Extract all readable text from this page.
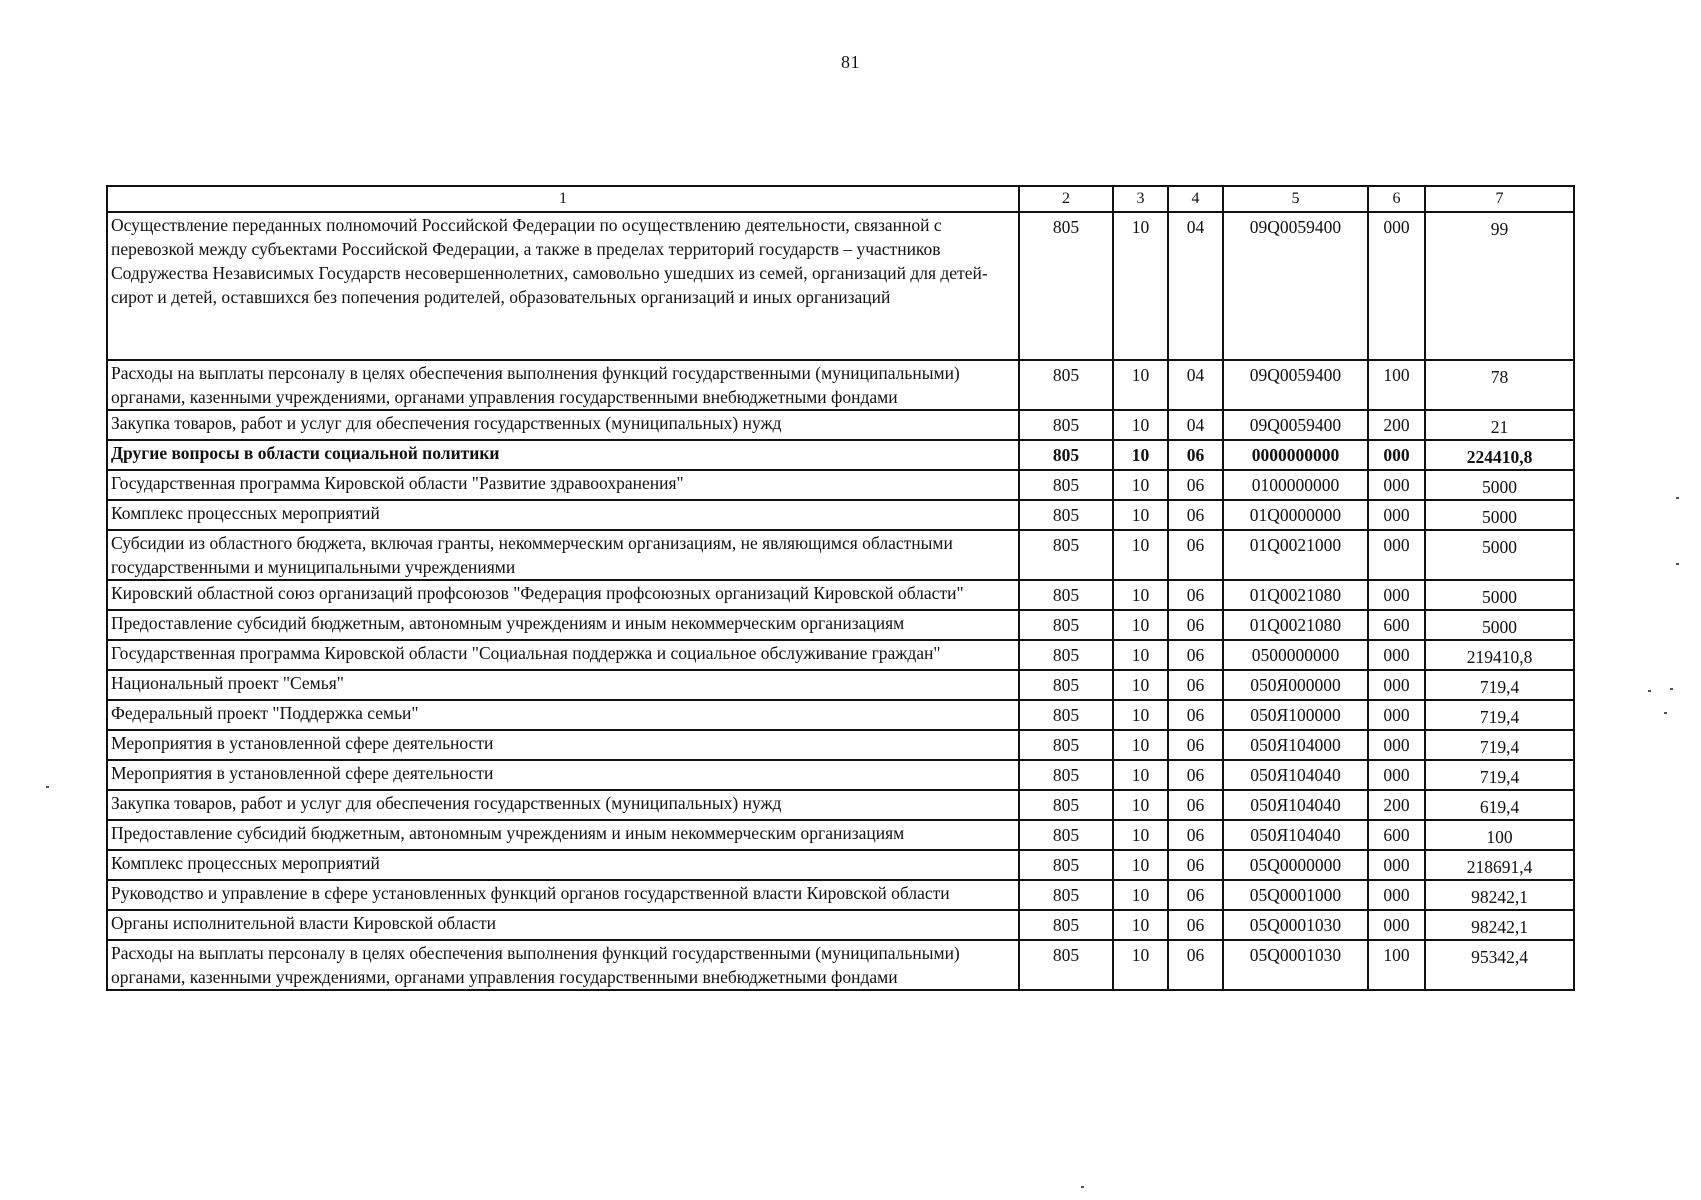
81
1	2	3	4	5	6	7
Осуществление переданных полномочий Российской Федерации по осуществлению деятельности, связанной с перевозкой между субъектами Российской Федерации, а также в пределах территорий государств – участников Содружества Независимых Государств несовершеннолетних, самовольно ушедших из семей, организаций для детей-сирот и детей, оставшихся без попечения родителей, образовательных организаций и иных организаций	805	10	04	09Q0059400	000	99
Расходы на выплаты персоналу в целях обеспечения выполнения функций государственными (муниципальными) органами, казенными учреждениями, органами управления государственными внебюджетными фондами	805	10	04	09Q0059400	100	78
Закупка товаров, работ и услуг для обеспечения государственных (муниципальных) нужд	805	10	04	09Q0059400	200	21
Другие вопросы в области социальной политики	805	10	06	0000000000	000	224410,8
Государственная программа Кировской области "Развитие здравоохранения"	805	10	06	0100000000	000	5000
Комплекс процессных мероприятий	805	10	06	01Q0000000	000	5000
Субсидии из областного бюджета, включая гранты, некоммерческим организациям, не являющимся областными государственными и муниципальными учреждениями	805	10	06	01Q0021000	000	5000
Кировский областной союз организаций профсоюзов "Федерация профсоюзных организаций Кировской области"	805	10	06	01Q0021080	000	5000
Предоставление субсидий бюджетным, автономным учреждениям и иным некоммерческим организациям	805	10	06	01Q0021080	600	5000
Государственная программа Кировской области "Социальная поддержка и социальное обслуживание граждан"	805	10	06	0500000000	000	219410,8
Национальный проект "Семья"	805	10	06	050Я000000	000	719,4
Федеральный проект "Поддержка семьи"	805	10	06	050Я100000	000	719,4
Мероприятия в установленной сфере деятельности	805	10	06	050Я104000	000	719,4
Мероприятия в установленной сфере деятельности	805	10	06	050Я104040	000	719,4
Закупка товаров, работ и услуг для обеспечения государственных (муниципальных) нужд	805	10	06	050Я104040	200	619,4
Предоставление субсидий бюджетным, автономным учреждениям и иным некоммерческим организациям	805	10	06	050Я104040	600	100
Комплекс процессных мероприятий	805	10	06	05Q0000000	000	218691,4
Руководство и управление в сфере установленных функций органов государственной власти Кировской области	805	10	06	05Q0001000	000	98242,1
Органы исполнительной власти Кировской области	805	10	06	05Q0001030	000	98242,1
Расходы на выплаты персоналу в целях обеспечения выполнения функций государственными (муниципальными) органами, казенными учреждениями, органами управления государственными внебюджетными фондами	805	10	06	05Q0001030	100	95342,4
